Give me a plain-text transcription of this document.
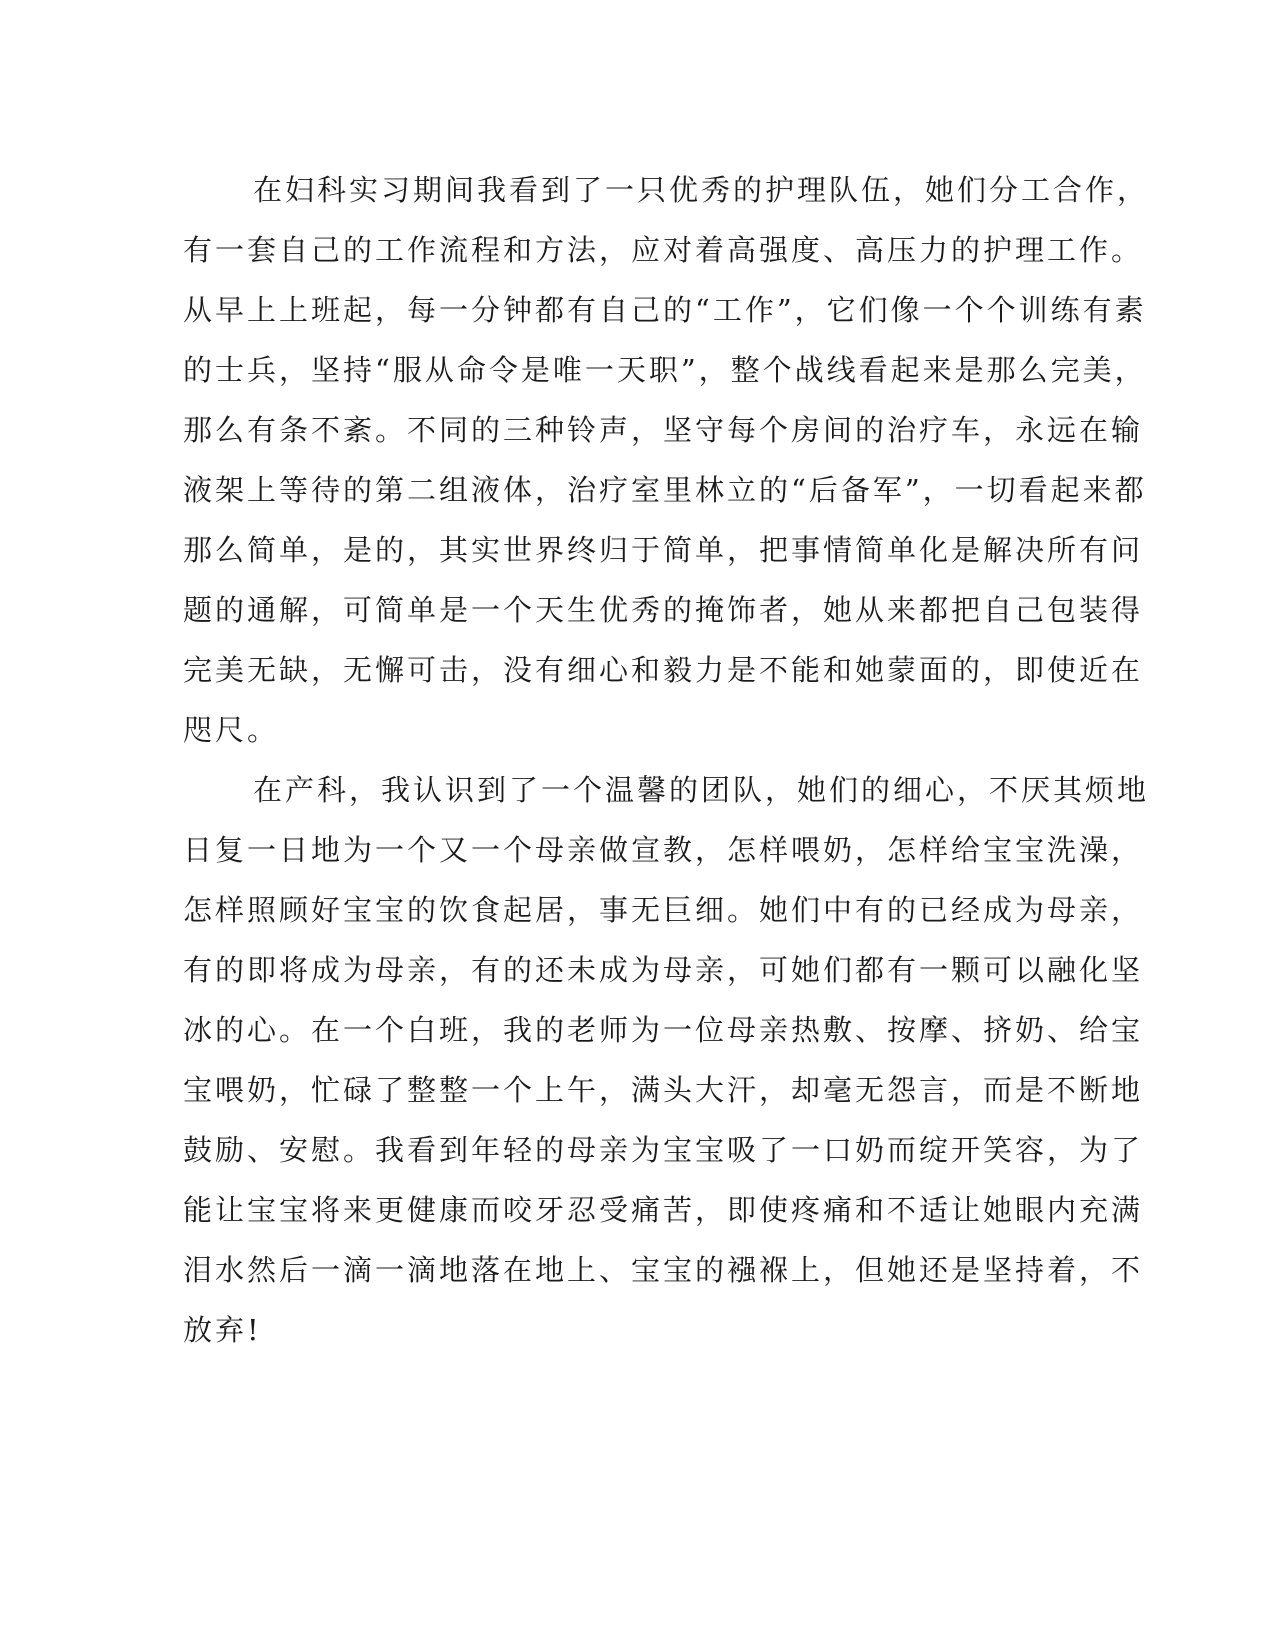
在妇科实习期间我看到了一只优秀的护理队伍，她们分工合作，
有一套自己的工作流程和方法，应对着高强度、高压力的护理工作。
从早上上班起，每一分钟都有自己的“工作”，它们像一个个训练有素
的士兵，坚持“服从命令是唯一天职”，整个战线看起来是那么完美，
那么有条不紊。不同的三种铃声，坚守每个房间的治疗车，永远在输
液架上等待的第二组液体，治疗室里林立的“后备军”，一切看起来都
那么简单，是的，其实世界终归于简单，把事情简单化是解决所有问
题的通解，可简单是一个天生优秀的掩饰者，她从来都把自己包装得
完美无缺，无懈可击，没有细心和毅力是不能和她蒙面的，即使近在
咫尺。
在产科，我认识到了一个温馨的团队，她们的细心，不厌其烦地
日复一日地为一个又一个母亲做宣教，怎样喂奶，怎样给宝宝洗澡，
怎样照顾好宝宝的饮食起居，事无巨细。她们中有的已经成为母亲，
有的即将成为母亲，有的还未成为母亲，可她们都有一颗可以融化坚
冰的心。在一个白班，我的老师为一位母亲热敷、按摩、挤奶、给宝
宝喂奶，忙碌了整整一个上午，满头大汗，却毫无怨言，而是不断地
鼓励、安慰。我看到年轻的母亲为宝宝吸了一口奶而绽开笑容，为了
能让宝宝将来更健康而咬牙忍受痛苦，即使疼痛和不适让她眼内充满
泪水然后一滴一滴地落在地上、宝宝的襁褓上，但她还是坚持着，不
放弃!
